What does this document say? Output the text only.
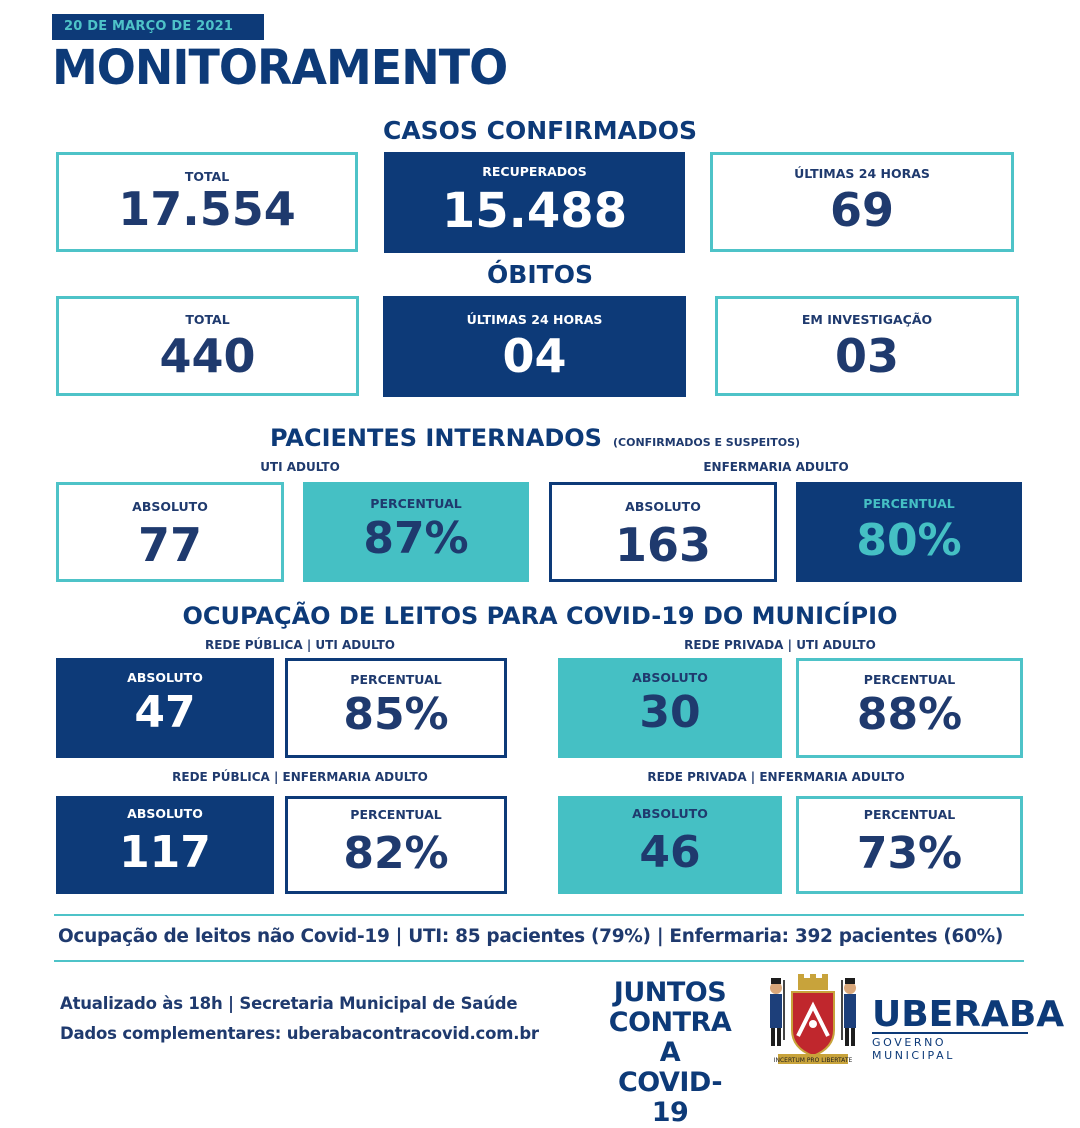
20 DE MARÇO DE 2021
MONITORAMENTO
CASOS CONFIRMADOS
TOTAL
17.554
RECUPERADOS
15.488
ÚLTIMAS 24 HORAS
69
ÓBITOS
TOTAL
440
ÚLTIMAS 24 HORAS
04
EM INVESTIGAÇÃO
03
PACIENTES INTERNADOS (CONFIRMADOS E SUSPEITOS)
UTI ADULTO	ENFERMARIA ADULTO
ABSOLUTO
77
PERCENTUAL
87%
ABSOLUTO
163
PERCENTUAL
80%
OCUPAÇÃO DE LEITOS PARA COVID-19 DO MUNICÍPIO
REDE PÚBLICA | UTI ADULTO	REDE PRIVADA | UTI ADULTO
ABSOLUTO
47
PERCENTUAL
85%
ABSOLUTO
30
PERCENTUAL
88%
REDE PÚBLICA | ENFERMARIA ADULTO	REDE PRIVADA | ENFERMARIA ADULTO
ABSOLUTO
117
PERCENTUAL
82%
ABSOLUTO
46
PERCENTUAL
73%
Ocupação de leitos não Covid-19 | UTI: 85 pacientes (79%) | Enfermaria: 392 pacientes (60%)
Atualizado às 18h | Secretaria Municipal de Saúde
Dados complementares: uberabacontracovid.com.br
JUNTOS
CONTRA A
COVID-19
INCERTUM PRO LIBERTATE
UBERABA
GOVERNO MUNICIPAL
